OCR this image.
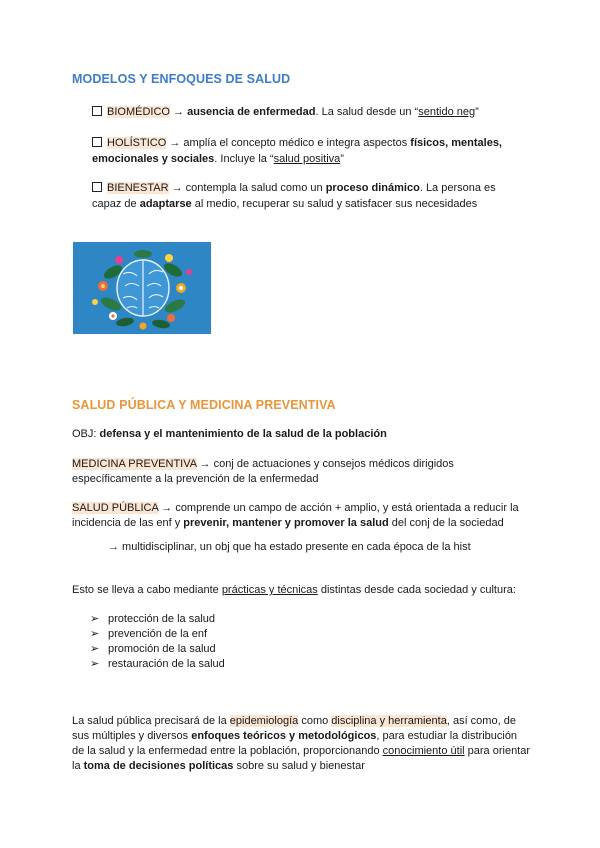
MODELOS Y ENFOQUES DE SALUD
BIOMÉDICO → ausencia de enfermedad. La salud desde un “sentido neg”
HOLÍSTICO → amplía el concepto médico e integra aspectos físicos, mentales, emocionales y sociales. Incluye la “salud positiva”
BIENESTAR → contempla la salud como un proceso dinámico. La persona es capaz de adaptarse al medio, recuperar su salud y satisfacer sus necesidades
SALUD PÚBLICA Y MEDICINA PREVENTIVA
OBJ: defensa y el mantenimiento de la salud de la población
MEDICINA PREVENTIVA → conj de actuaciones y consejos médicos dirigidos específicamente a la prevención de la enfermedad
SALUD PÚBLICA → comprende un campo de acción + amplio, y está orientada a reducir la incidencia de las enf y prevenir, mantener y promover la salud del conj de la sociedad
→ multidisciplinar, un obj que ha estado presente en cada época de la hist
Esto se lleva a cabo mediante prácticas y técnicas distintas desde cada sociedad y cultura:
➢ protección de la salud
➢ prevención de la enf
➢ promoción de la salud
➢ restauración de la salud
La salud pública precisará de la epidemiología como disciplina y herramienta, así como, de sus múltiples y diversos enfoques teóricos y metodológicos, para estudiar la distribución de la salud y la enfermedad entre la población, proporcionando conocimiento útil para orientar la toma de decisiones políticas sobre su salud y bienestar
